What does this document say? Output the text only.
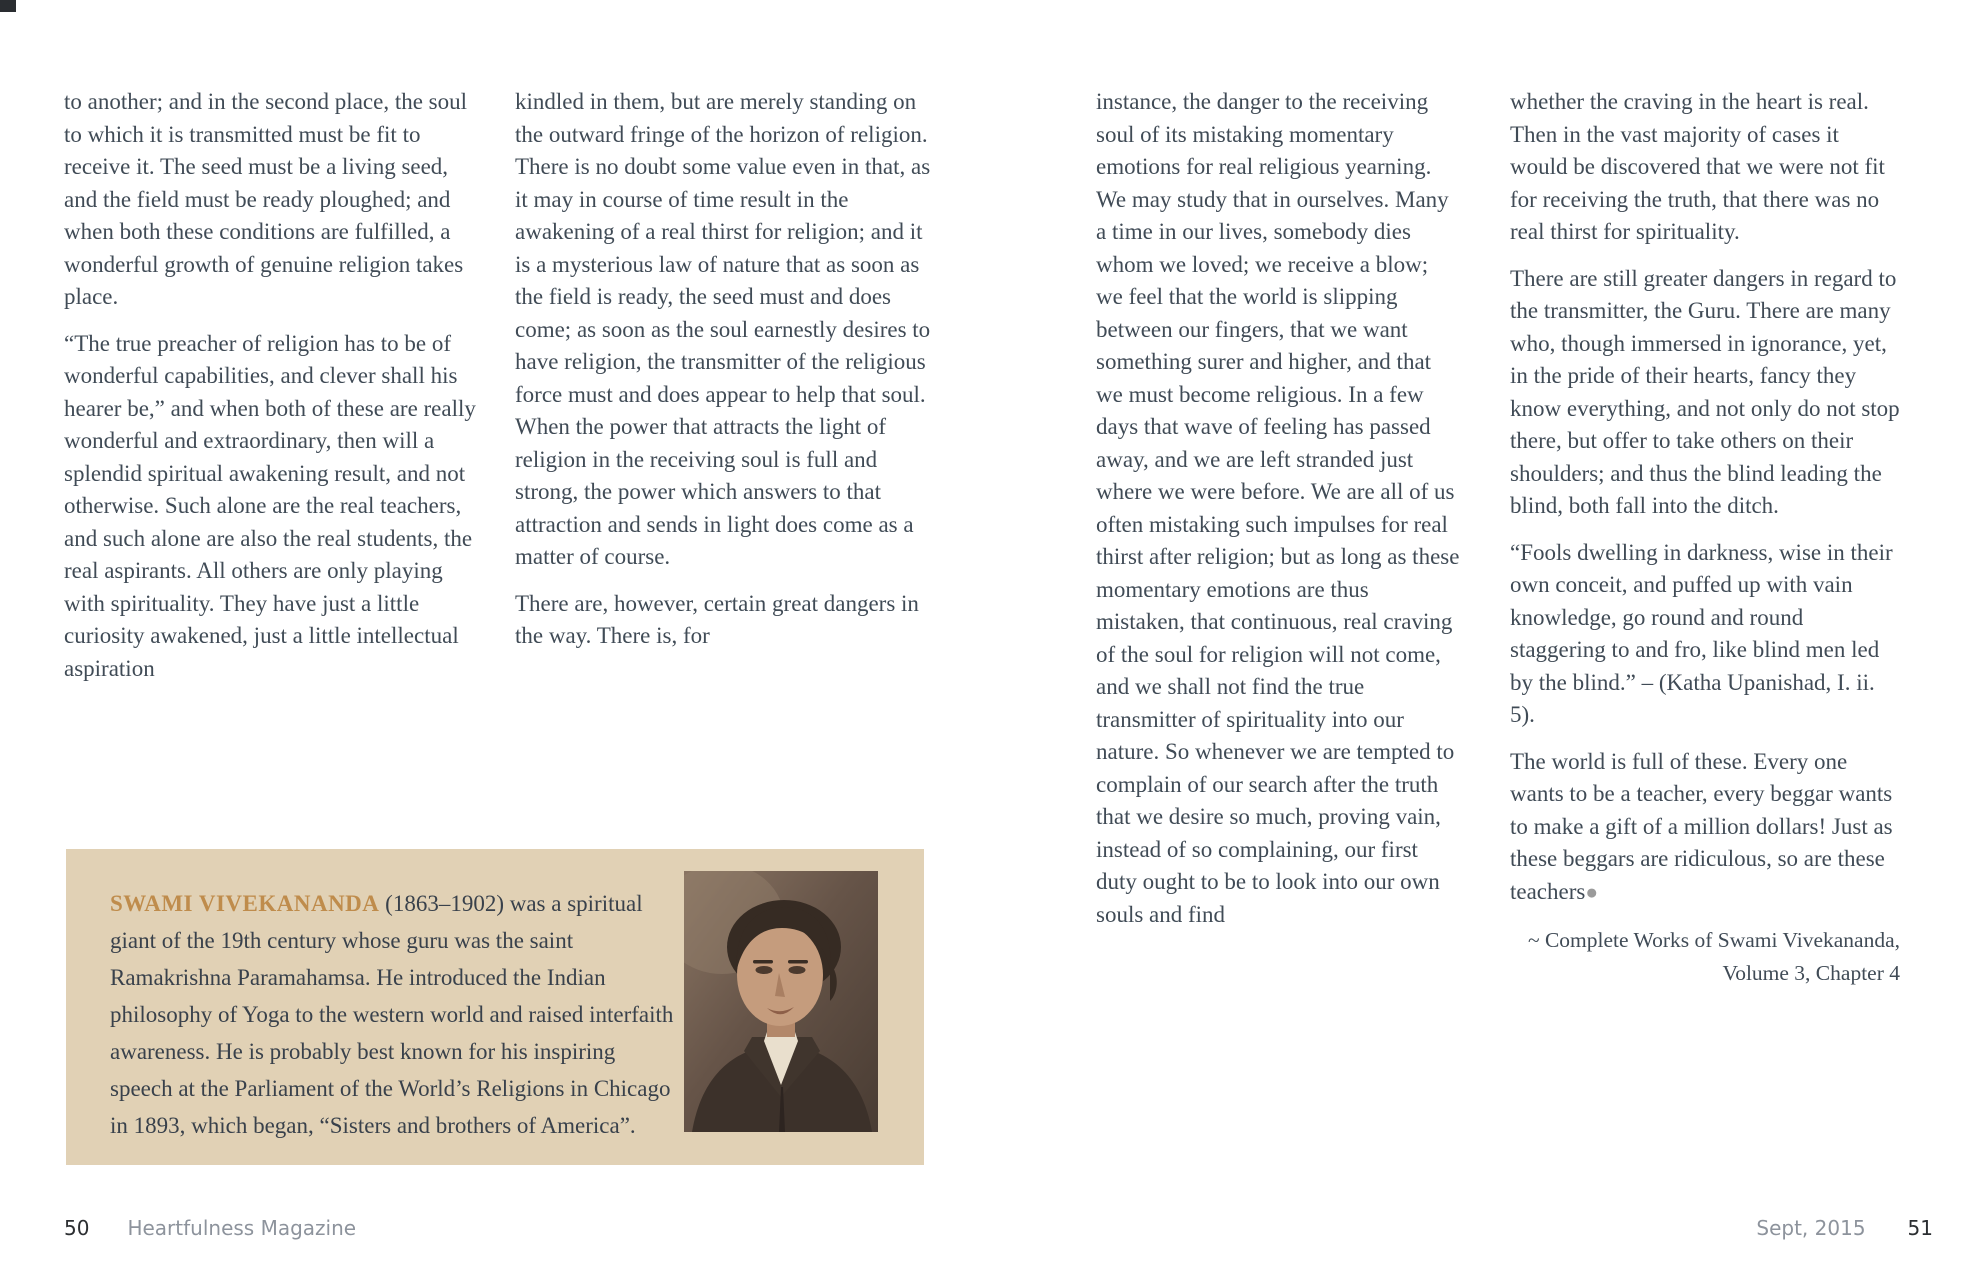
to another; and in the second place, the soul to which it is transmitted must be fit to receive it. The seed must be a living seed, and the field must be ready ploughed; and when both these conditions are fulfilled, a wonderful growth of genuine religion takes place.

“The true preacher of religion has to be of wonderful capabilities, and clever shall his hearer be,” and when both of these are really wonderful and extraordinary, then will a splendid spiritual awakening result, and not otherwise. Such alone are the real teachers, and such alone are also the real students, the real aspirants. All others are only playing with spirituality. They have just a little curiosity awakened, just a little intellectual aspiration

kindled in them, but are merely standing on the outward fringe of the horizon of religion. There is no doubt some value even in that, as it may in course of time result in the awakening of a real thirst for religion; and it is a mysterious law of nature that as soon as the field is ready, the seed must and does come; as soon as the soul earnestly desires to have religion, the transmitter of the religious force must and does appear to help that soul. When the power that attracts the light of religion in the receiving soul is full and strong, the power which answers to that attraction and sends in light does come as a matter of course.

There are, however, certain great dangers in the way. There is, for

SWAMI VIVEKANANDA (1863–1902) was a spiritual giant of the 19th century whose guru was the saint Ramakrishna Paramahamsa. He introduced the Indian philosophy of Yoga to the western world and raised interfaith awareness. He is probably best known for his inspiring speech at the Parliament of the World’s Religions in Chicago in 1893, which began, “Sisters and brothers of America”.

50 Heartfulness Magazine

instance, the danger to the receiving soul of its mistaking momentary emotions for real religious yearning. We may study that in ourselves. Many a time in our lives, somebody dies whom we loved; we receive a blow; we feel that the world is slipping between our fingers, that we want something surer and higher, and that we must become religious. In a few days that wave of feeling has passed away, and we are left stranded just where we were before. We are all of us often mistaking such impulses for real thirst after religion; but as long as these momentary emotions are thus mistaken, that continuous, real craving of the soul for religion will not come, and we shall not find the true transmitter of spirituality into our nature. So whenever we are tempted to complain of our search after the truth that we desire so much, proving vain, instead of so complaining, our first duty ought to be to look into our own souls and find

whether the craving in the heart is real. Then in the vast majority of cases it would be discovered that we were not fit for receiving the truth, that there was no real thirst for spirituality.

There are still greater dangers in regard to the transmitter, the Guru. There are many who, though immersed in ignorance, yet, in the pride of their hearts, fancy they know everything, and not only do not stop there, but offer to take others on their shoulders; and thus the blind leading the blind, both fall into the ditch.

“Fools dwelling in darkness, wise in their own conceit, and puffed up with vain knowledge, go round and round staggering to and fro, like blind men led by the blind.” – (Katha Upanishad, I. ii. 5).

The world is full of these. Every one wants to be a teacher, every beggar wants to make a gift of a million dollars! Just as these beggars are ridiculous, so are these teachers●

~ Complete Works of Swami Vivekananda,
Volume 3, Chapter 4
Sept, 2015 51
